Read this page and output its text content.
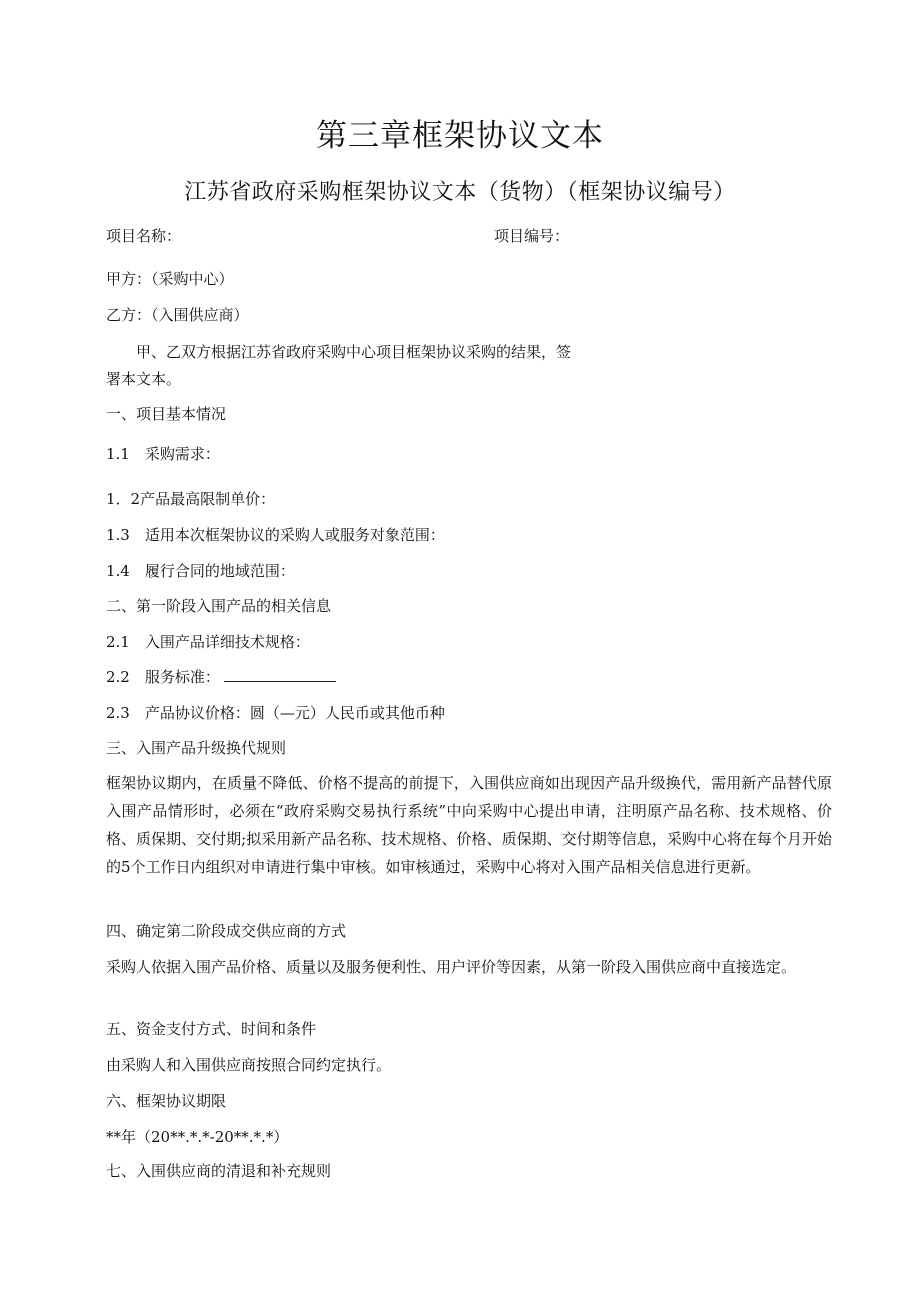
第三章框架协议文本
江苏省政府采购框架协议文本（货物）（框架协议编号）
项目名称：	项目编号：
甲方：（采购中心）
乙方：（入围供应商）
甲、乙双方根据江苏省政府采购中心项目框架协议采购的结果，签
署本文本。
一、项目基本情况
1.1　采购需求：
1．2产品最高限制单价：
1.3　适用本次框架协议的采购人或服务对象范围：
1.4　履行合同的地域范围：
二、第一阶段入围产品的相关信息
2.1　入围产品详细技术规格：
2.2　服务标准：
2.3　产品协议价格：圆（—元）人民币或其他币种
三、入围产品升级换代规则
框架协议期内，在质量不降低、价格不提高的前提下，入围供应商如出现因产品升级换代，需用新产品替代原入围产品情形时，必须在“政府采购交易执行系统”中向采购中心提出申请，注明原产品名称、技术规格、价格、质保期、交付期;拟采用新产品名称、技术规格、价格、质保期、交付期等信息，采购中心将在每个月开始的5个工作日内组织对申请进行集中审核。如审核通过，采购中心将对入围产品相关信息进行更新。
四、确定第二阶段成交供应商的方式
采购人依据入围产品价格、质量以及服务便利性、用户评价等因素，从第一阶段入围供应商中直接选定。
五、资金支付方式、时间和条件
由采购人和入围供应商按照合同约定执行。
六、框架协议期限
**年（20**.*.*-20**.*.*）
七、入围供应商的清退和补充规则
